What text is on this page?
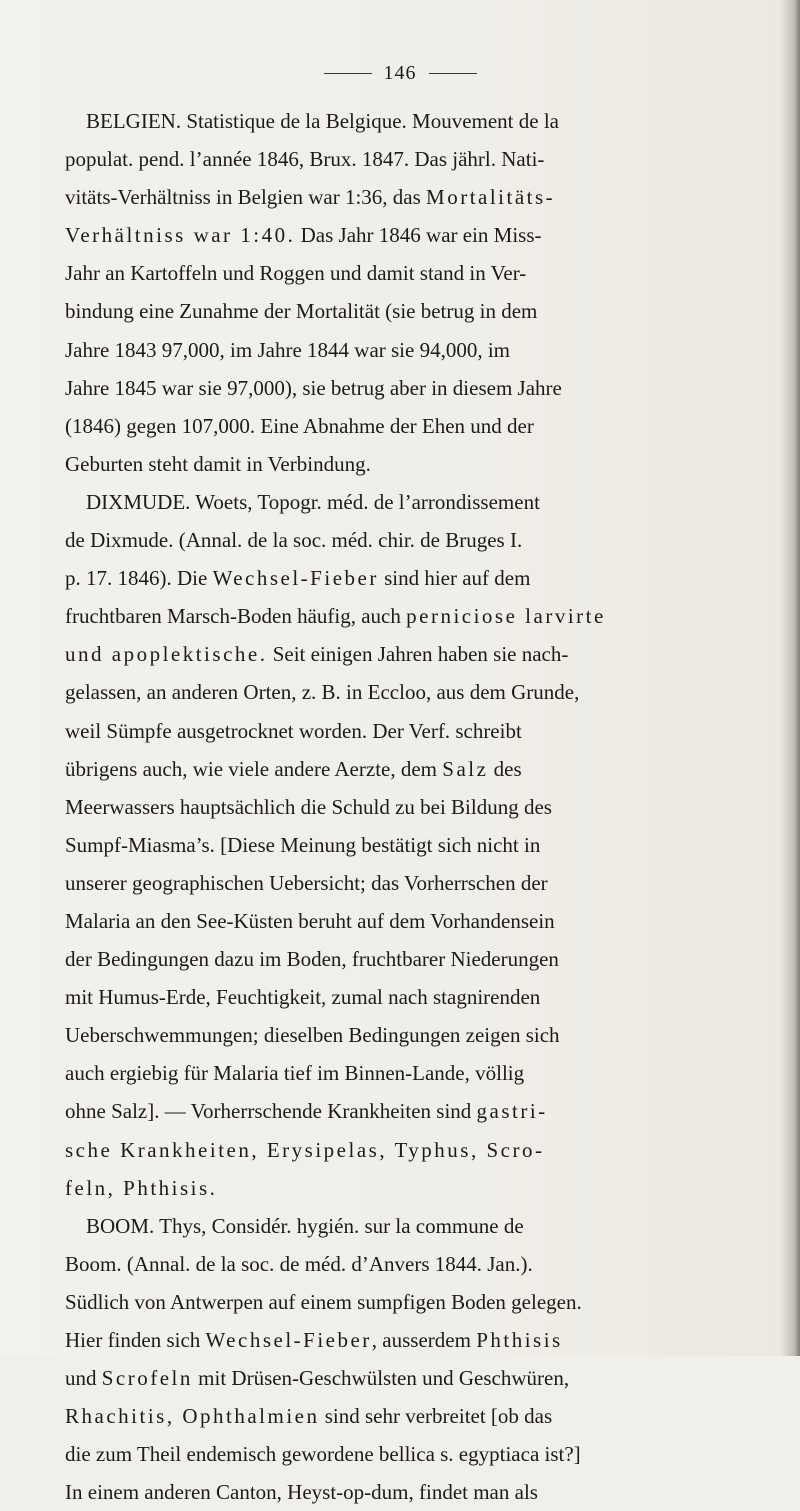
146
BELGIEN. Statistique de la Belgique. Mouvement de la
populat. pend. l’année 1846, Brux. 1847. Das jährl. Nati-
vitäts-Verhältniss in Belgien war 1:36, das Mortalitäts-
Verhältniss war 1:40. Das Jahr 1846 war ein Miss-
Jahr an Kartoffeln und Roggen und damit stand in Ver-
bindung eine Zunahme der Mortalität (sie betrug in dem
Jahre 1843 97,000, im Jahre 1844 war sie 94,000, im
Jahre 1845 war sie 97,000), sie betrug aber in diesem Jahre
(1846) gegen 107,000. Eine Abnahme der Ehen und der
Geburten steht damit in Verbindung.
DIXMUDE. Woets, Topogr. méd. de l’arrondissement
de Dixmude. (Annal. de la soc. méd. chir. de Bruges I.
p. 17. 1846). Die Wechsel-Fieber sind hier auf dem
fruchtbaren Marsch-Boden häufig, auch perniciose larvirte
und apoplektische. Seit einigen Jahren haben sie nach-
gelassen, an anderen Orten, z. B. in Eccloo, aus dem Grunde,
weil Sümpfe ausgetrocknet worden. Der Verf. schreibt
übrigens auch, wie viele andere Aerzte, dem Salz des
Meerwassers hauptsächlich die Schuld zu bei Bildung des
Sumpf-Miasma’s. [Diese Meinung bestätigt sich nicht in
unserer geographischen Uebersicht; das Vorherrschen der
Malaria an den See-Küsten beruht auf dem Vorhandensein
der Bedingungen dazu im Boden, fruchtbarer Niederungen
mit Humus-Erde, Feuchtigkeit, zumal nach stagnirenden
Ueberschwemmungen; dieselben Bedingungen zeigen sich
auch ergiebig für Malaria tief im Binnen-Lande, völlig
ohne Salz]. — Vorherrschende Krankheiten sind gastri-
sche Krankheiten, Erysipelas, Typhus, Scro-
feln, Phthisis.
BOOM. Thys, Considér. hygién. sur la commune de
Boom. (Annal. de la soc. de méd. d’Anvers 1844. Jan.).
Südlich von Antwerpen auf einem sumpfigen Boden gelegen.
Hier finden sich Wechsel-Fieber, ausserdem Phthisis
und Scrofeln mit Drüsen-Geschwülsten und Geschwüren,
Rhachitis, Ophthalmien sind sehr verbreitet [ob das
die zum Theil endemisch gewordene bellica s. egyptiaca ist?]
In einem anderen Canton, Heyst-op-dum, findet man als
